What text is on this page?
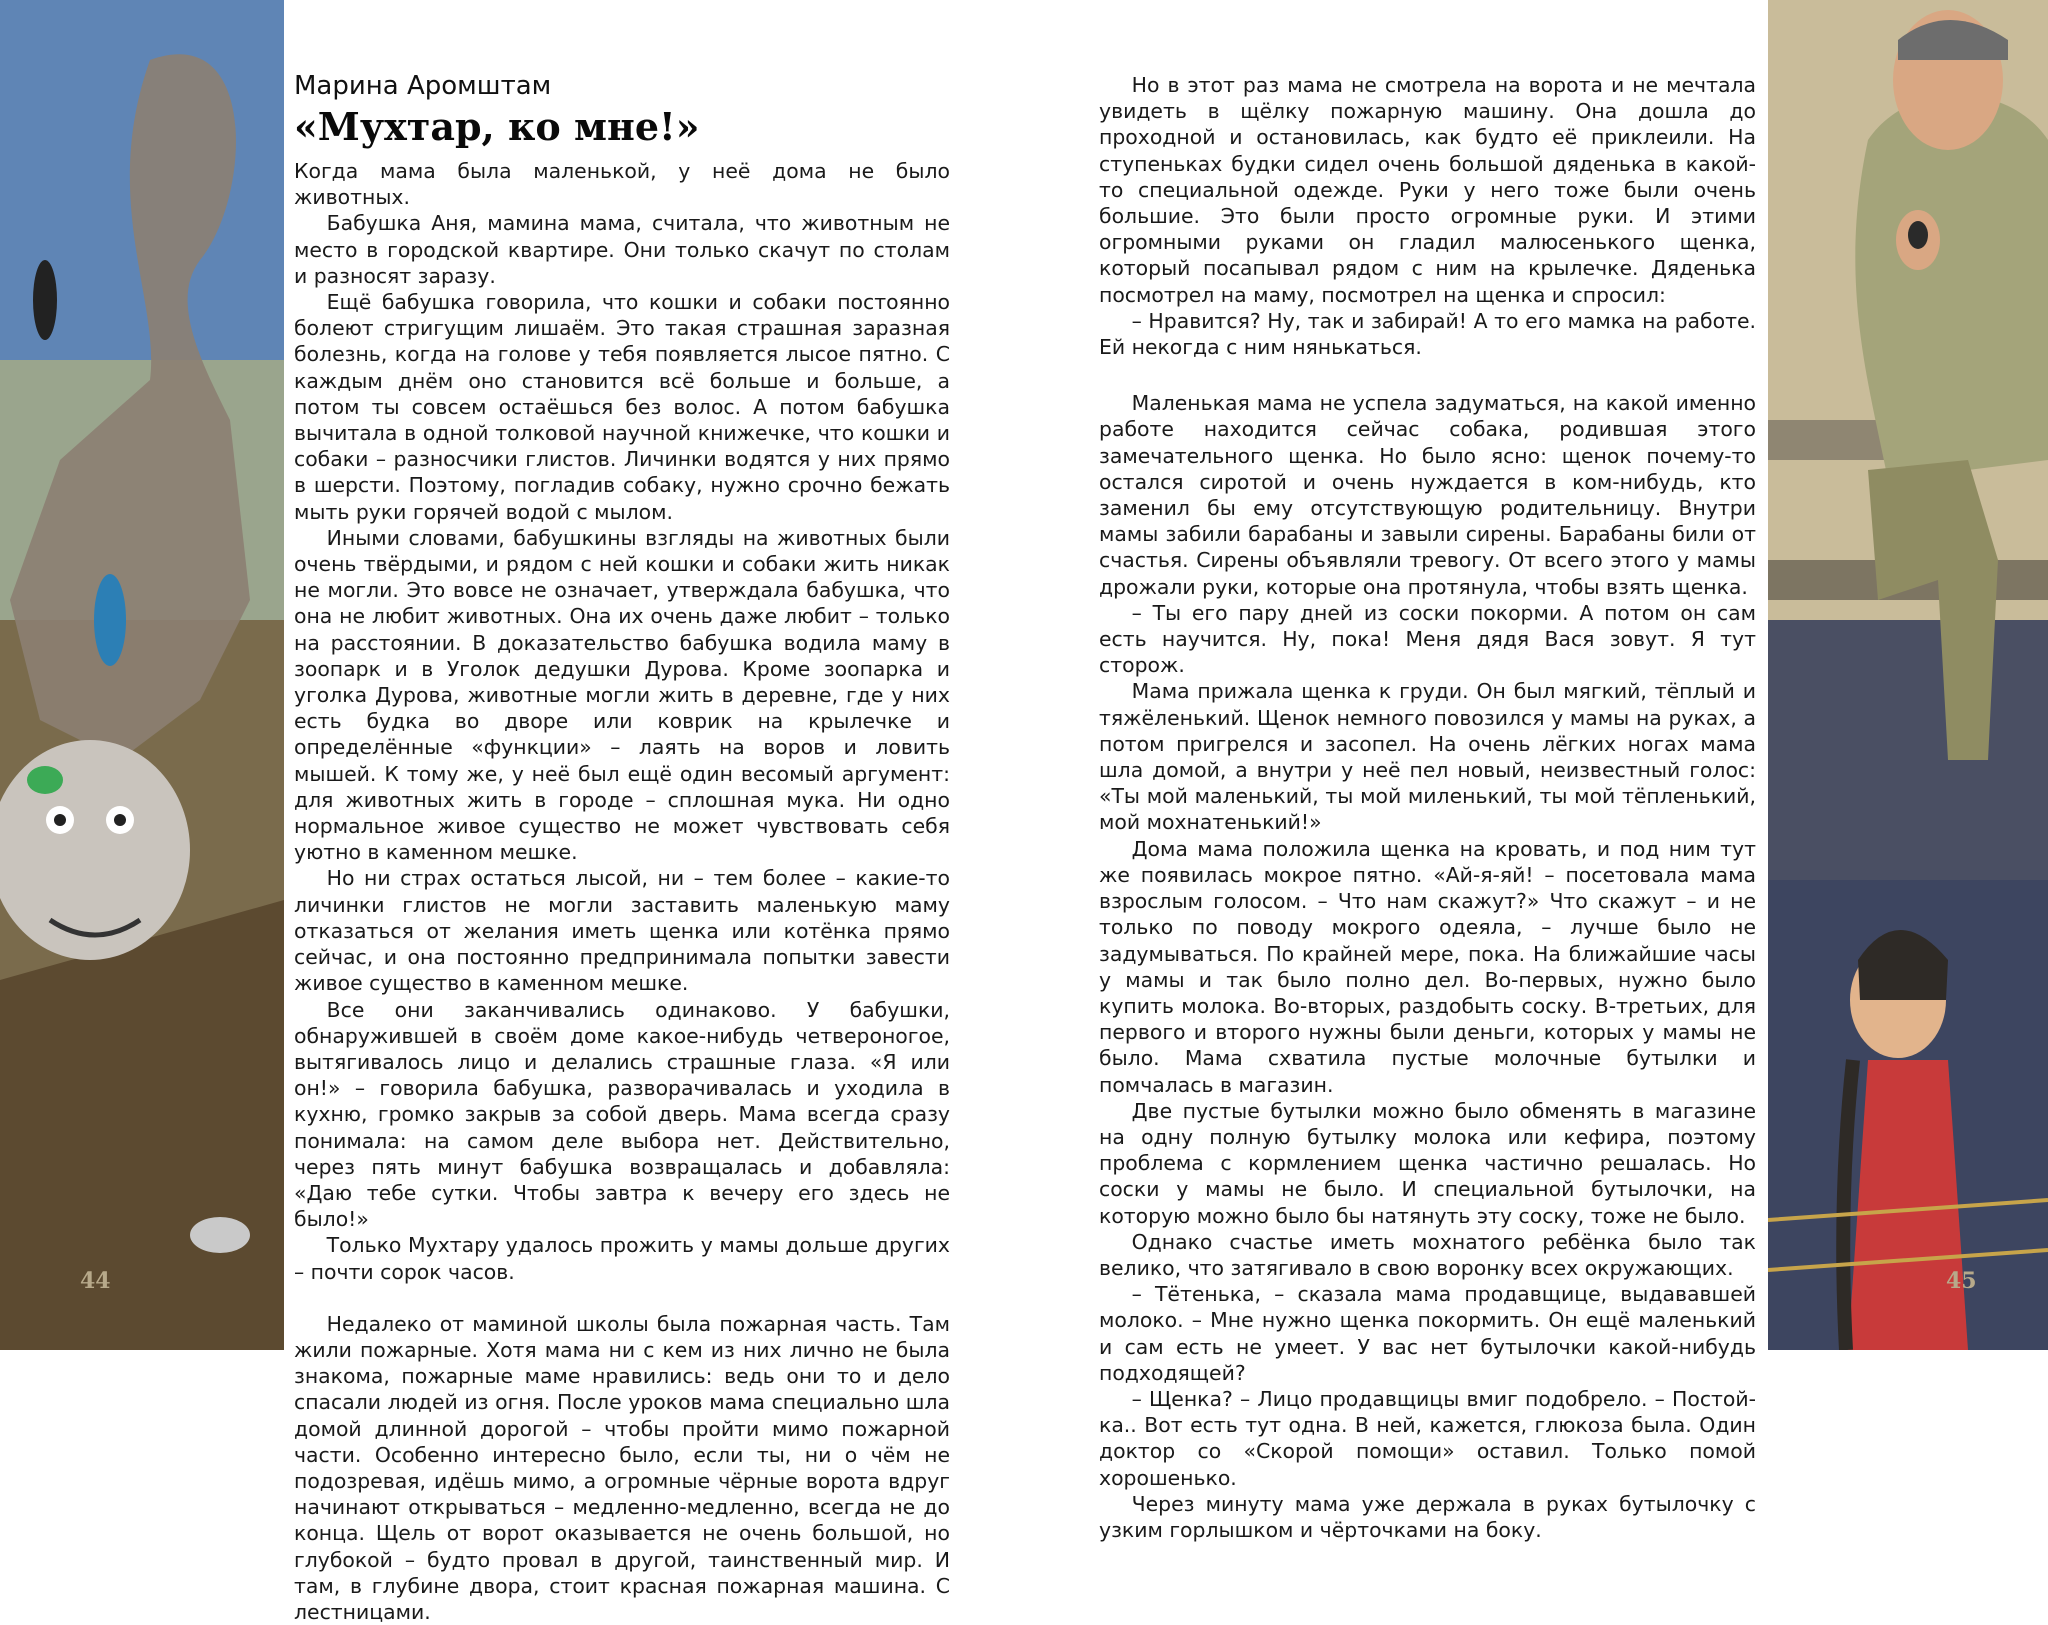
44
Марина Аромштам
«Мухтар, ко мне!»

Когда мама была маленькой, у неё дома не было животных.

Бабушка Аня, мамина мама, считала, что животным не место в городской квартире. Они только скачут по столам и разносят заразу.

Ещё бабушка говорила, что кошки и собаки постоянно болеют стригущим лишаём. Это такая страшная заразная болезнь, когда на голове у тебя появляется лысое пятно. С каждым днём оно становится всё больше и больше, а потом ты совсем остаёшься без волос. А потом бабушка вычитала в одной толковой научной книжечке, что кошки и собаки – разносчики глистов. Личинки водятся у них прямо в шерсти. Поэтому, погладив собаку, нужно срочно бежать мыть руки горячей водой с мылом.

Иными словами, бабушкины взгляды на животных были очень твёрдыми, и рядом с ней кошки и собаки жить никак не могли. Это вовсе не означает, утверждала бабушка, что она не любит животных. Она их очень даже любит – только на расстоянии. В доказательство бабушка водила маму в зоопарк и в Уголок дедушки Дурова. Кроме зоопарка и уголка Дурова, животные могли жить в деревне, где у них есть будка во дворе или коврик на крылечке и определённые «функции» – лаять на воров и ловить мышей. К тому же, у неё был ещё один весомый аргумент: для животных жить в городе – сплошная мука. Ни одно нормальное живое существо не может чувствовать себя уютно в каменном мешке.

Но ни страх остаться лысой, ни – тем более – какие-то личинки глистов не могли заставить маленькую маму отказаться от желания иметь щенка или котёнка прямо сейчас, и она постоянно предпринимала попытки завести живое существо в каменном мешке.

Все они заканчивались одинаково. У бабушки, обнаружившей в своём доме какое-нибудь четвероногое, вытягивалось лицо и делались страшные глаза. «Я или он!» – говорила бабушка, разворачивалась и уходила в кухню, громко закрыв за собой дверь. Мама всегда сразу понимала: на самом деле выбора нет. Действительно, через пять минут бабушка возвращалась и добавляла: «Даю тебе сутки. Чтобы завтра к вечеру его здесь не было!»

Только Мухтару удалось прожить у мамы дольше других – почти сорок часов.

Недалеко от маминой школы была пожарная часть. Там жили пожарные. Хотя мама ни с кем из них лично не была знакома, пожарные маме нравились: ведь они то и дело спасали людей из огня. После уроков мама специально шла домой длинной дорогой – чтобы пройти мимо пожарной части. Особенно интересно было, если ты, ни о чём не подозревая, идёшь мимо, а огромные чёрные ворота вдруг начинают открываться – медленно-медленно, всегда не до конца. Щель от ворот оказывается не очень большой, но глубокой – будто провал в другой, таинственный мир. И там, в глубине двора, стоит красная пожарная машина. С лестницами.

Но в этот раз мама не смотрела на ворота и не мечтала увидеть в щёлку пожарную машину. Она дошла до проходной и остановилась, как будто её приклеили. На ступеньках будки сидел очень большой дяденька в какой-то специальной одежде. Руки у него тоже были очень большие. Это были просто огромные руки. И этими огромными руками он гладил малюсенького щенка, который посапывал рядом с ним на крылечке. Дяденька посмотрел на маму, посмотрел на щенка и спросил:

– Нравится? Ну, так и забирай! А то его мамка на работе. Ей некогда с ним нянькаться.

Маленькая мама не успела задуматься, на какой именно работе находится сейчас собака, родившая этого замечательного щенка. Но было ясно: щенок почему-то остался сиротой и очень нуждается в ком-нибудь, кто заменил бы ему отсутствующую родительницу. Внутри мамы забили барабаны и завыли сирены. Барабаны били от счастья. Сирены объявляли тревогу. От всего этого у мамы дрожали руки, которые она протянула, чтобы взять щенка.

– Ты его пару дней из соски покорми. А потом он сам есть научится. Ну, пока! Меня дядя Вася зовут. Я тут сторож.

Мама прижала щенка к груди. Он был мягкий, тёплый и тяжёленький. Щенок немного повозился у мамы на руках, а потом пригрелся и засопел. На очень лёгких ногах мама шла домой, а внутри у неё пел новый, неизвестный голос: «Ты мой маленький, ты мой миленький, ты мой тёпленький, мой мохнатенький!»

Дома мама положила щенка на кровать, и под ним тут же появилась мокрое пятно. «Ай-я-яй! – посетовала мама взрослым голосом. – Что нам скажут?» Что скажут – и не только по поводу мокрого одеяла, – лучше было не задумываться. По крайней мере, пока. На ближайшие часы у мамы и так было полно дел. Во-первых, нужно было купить молока. Во-вторых, раздобыть соску. В-третьих, для первого и второго нужны были деньги, которых у мамы не было. Мама схватила пустые молочные бутылки и помчалась в магазин.

Две пустые бутылки можно было обменять в магазине на одну полную бутылку молока или кефира, поэтому проблема с кормлением щенка частично решалась. Но соски у мамы не было. И специальной бутылочки, на которую можно было бы натянуть эту соску, тоже не было.

Однако счастье иметь мохнатого ребёнка было так велико, что затягивало в свою воронку всех окружающих.

– Тётенька, – сказала мама продавщице, выдававшей молоко. – Мне нужно щенка покормить. Он ещё маленький и сам есть не умеет. У вас нет бутылочки какой-нибудь подходящей?

– Щенка? – Лицо продавщицы вмиг подобрело. – Постой-ка.. Вот есть тут одна. В ней, кажется, глюкоза была. Один доктор со «Скорой помощи» оставил. Только помой хорошенько.

Через минуту мама уже держала в руках бутылочку с узким горлышком и чёрточками на боку.

45
